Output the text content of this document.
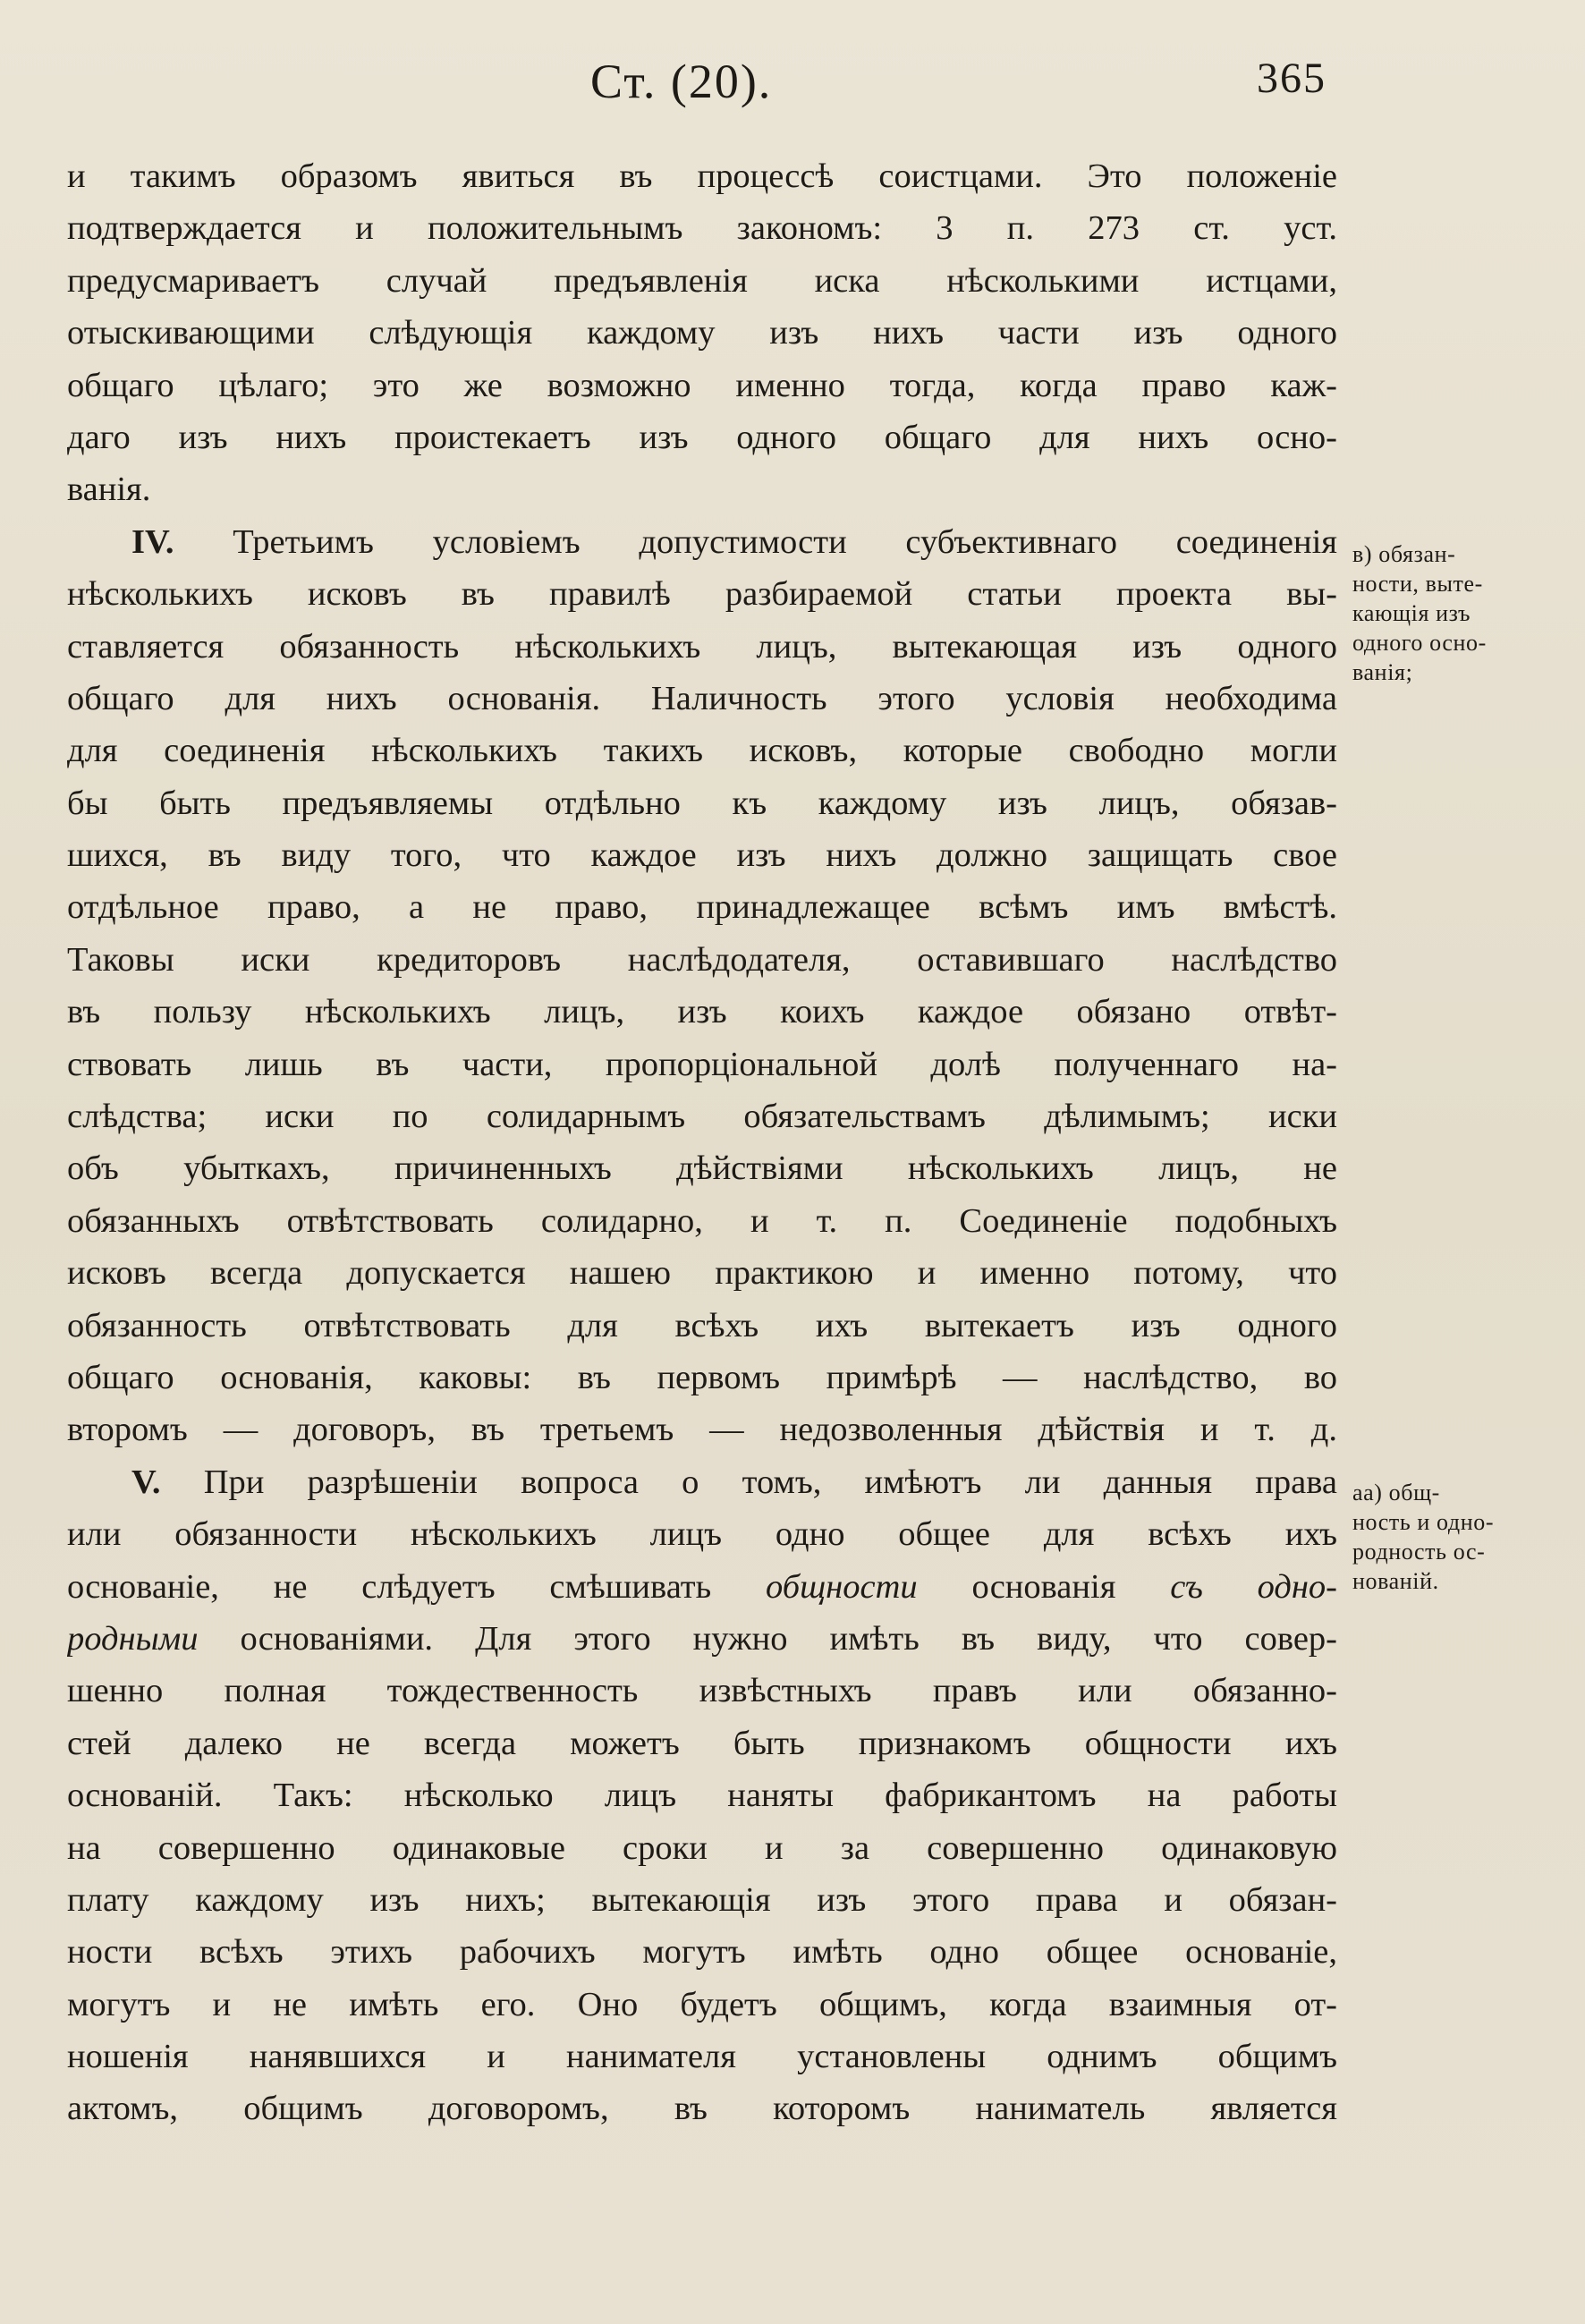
Ст. (20).	365
и такимъ образомъ явиться въ процессѣ соистцами. Это положеніе
подтверждается и положительнымъ закономъ: 3 п. 273 ст. уст.
предусмариваетъ случай предъявленія иска нѣсколькими истцами,
отыскивающими слѣдующія каждому изъ нихъ части изъ одного
общаго цѣлаго; это же возможно именно тогда, когда право каж-
даго изъ нихъ проистекаетъ изъ одного общаго для нихъ осно-
ванія.
IV. Третьимъ условіемъ допустимости субъективнаго соединенія
нѣсколькихъ исковъ въ правилѣ разбираемой статьи проекта вы-
ставляется обязанность нѣсколькихъ лицъ, вытекающая изъ одного
общаго для нихъ основанія. Наличность этого условія необходима
для соединенія нѣсколькихъ такихъ исковъ, которые свободно могли
бы быть предъявляемы отдѣльно къ каждому изъ лицъ, обязав-
шихся, въ виду того, что каждое изъ нихъ должно защищать свое
отдѣльное право, а не право, принадлежащее всѣмъ имъ вмѣстѣ.
Таковы иски кредиторовъ наслѣдодателя, оставившаго наслѣдство
въ пользу нѣсколькихъ лицъ, изъ коихъ каждое обязано отвѣт-
ствовать лишь въ части, пропорціональной долѣ полученнаго на-
слѣдства; иски по солидарнымъ обязательствамъ дѣлимымъ; иски
объ убыткахъ, причиненныхъ дѣйствіями нѣсколькихъ лицъ, не
обязанныхъ отвѣтствовать солидарно, и т. п. Соединеніе подобныхъ
исковъ всегда допускается нашею практикою и именно потому, что
обязанность отвѣтствовать для всѣхъ ихъ вытекаетъ изъ одного
общаго основанія, каковы: въ первомъ примѣрѣ — наслѣдство, во
второмъ — договоръ, въ третьемъ — недозволенныя дѣйствія и т. д.
V. При разрѣшеніи вопроса о томъ, имѣютъ ли данныя права
или обязанности нѣсколькихъ лицъ одно общее для всѣхъ ихъ
основаніе, не слѣдуетъ смѣшивать общности основанія съ одно-
родными основаніями. Для этого нужно имѣть въ виду, что совер-
шенно полная тождественность извѣстныхъ правъ или обязанно-
стей далеко не всегда можетъ быть признакомъ общности ихъ
основаній. Такъ: нѣсколько лицъ наняты фабрикантомъ на работы
на совершенно одинаковые сроки и за совершенно одинаковую
плату каждому изъ нихъ; вытекающія изъ этого права и обязан-
ности всѣхъ этихъ рабочихъ могутъ имѣть одно общее основаніе,
могутъ и не имѣть его. Оно будетъ общимъ, когда взаимныя от-
ношенія нанявшихся и нанимателя установлены однимъ общимъ
актомъ, общимъ договоромъ, въ которомъ наниматель является
в) обязан-
ности, выте-
кающія изъ
одного осно-
ванія;
аа) общ-
ность и одно-
родность ос-
нованій.
